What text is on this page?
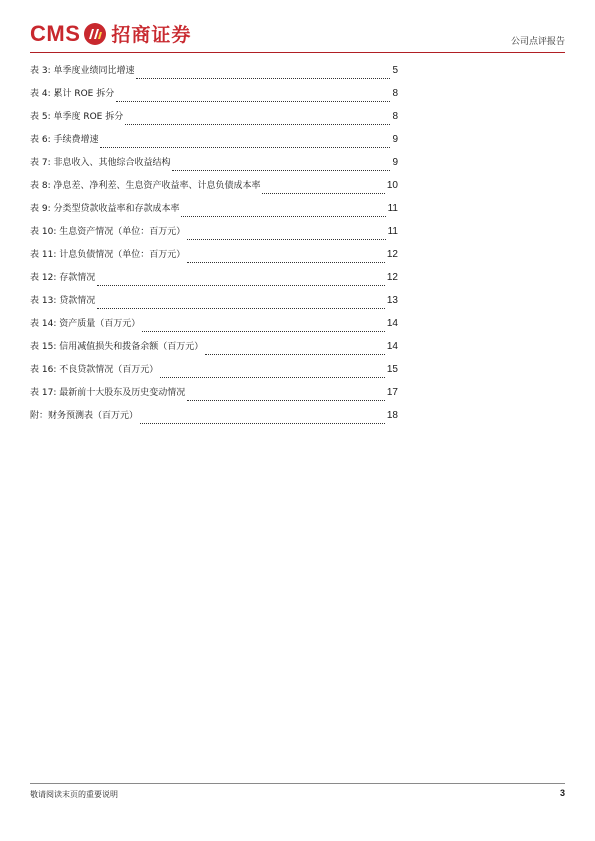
CMS 招商证券	公司点评报告
表 3: 单季度业绩同比增速	5
表 4: 累计 ROE 拆分	8
表 5: 单季度 ROE 拆分	8
表 6: 手续费增速	9
表 7: 非息收入、其他综合收益结构	9
表 8: 净息差、净利差、生息资产收益率、计息负债成本率	10
表 9: 分类型贷款收益率和存款成本率	11
表 10: 生息资产情况（单位：百万元）	11
表 11: 计息负债情况（单位：百万元）	12
表 12: 存款情况	12
表 13: 贷款情况	13
表 14: 资产质量（百万元）	14
表 15: 信用减值损失和拨备余额（百万元）	14
表 16: 不良贷款情况（百万元）	15
表 17: 最新前十大股东及历史变动情况	17
附：财务预测表（百万元）	18
敬请阅读末页的重要说明	3
